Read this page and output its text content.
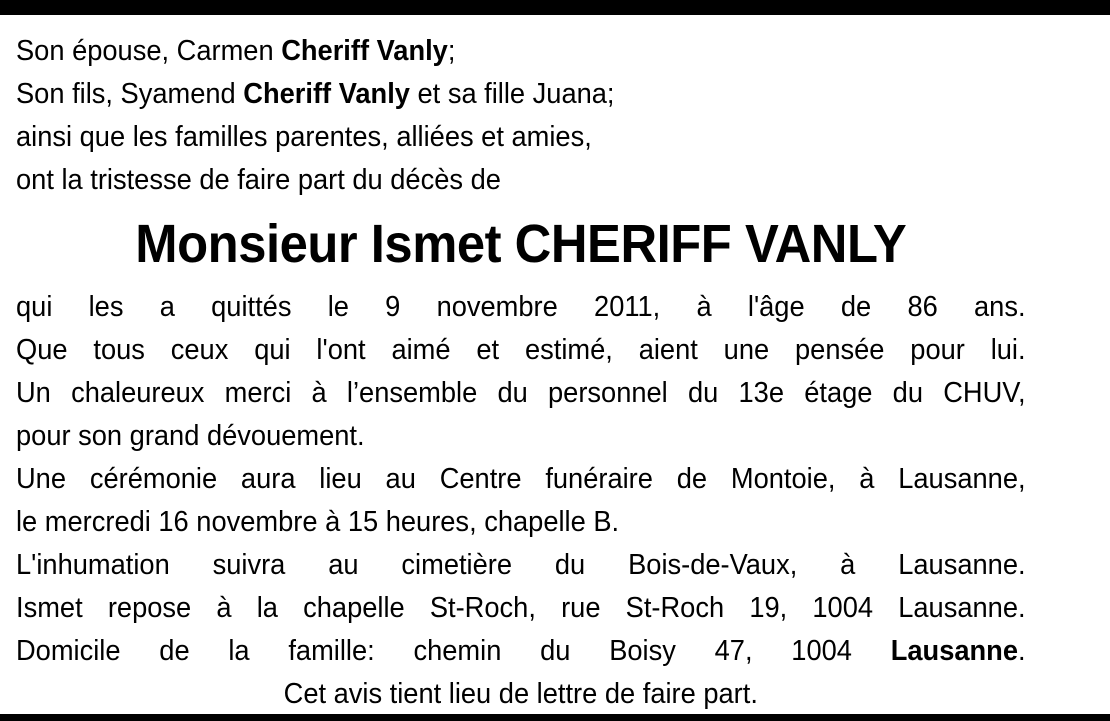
Son épouse, Carmen Cheriff Vanly;
Son fils, Syamend Cheriff Vanly et sa fille Juana;
ainsi que les familles parentes, alliées et amies,
ont la tristesse de faire part du décès de
Monsieur Ismet CHERIFF VANLY
qui les a quittés le 9 novembre 2011, à l'âge de 86 ans.
Que tous ceux qui l'ont aimé et estimé, aient une pensée pour lui.
Un chaleureux merci à l’ensemble du personnel du 13e étage du CHUV,
pour son grand dévouement.
Une cérémonie aura lieu au Centre funéraire de Montoie, à Lausanne,
le mercredi 16 novembre à 15 heures, chapelle B.
L'inhumation suivra au cimetière du Bois-de-Vaux, à Lausanne.
Ismet repose à la chapelle St-Roch, rue St-Roch 19, 1004 Lausanne.
Domicile de la famille: chemin du Boisy 47, 1004 Lausanne.
Cet avis tient lieu de lettre de faire part.
